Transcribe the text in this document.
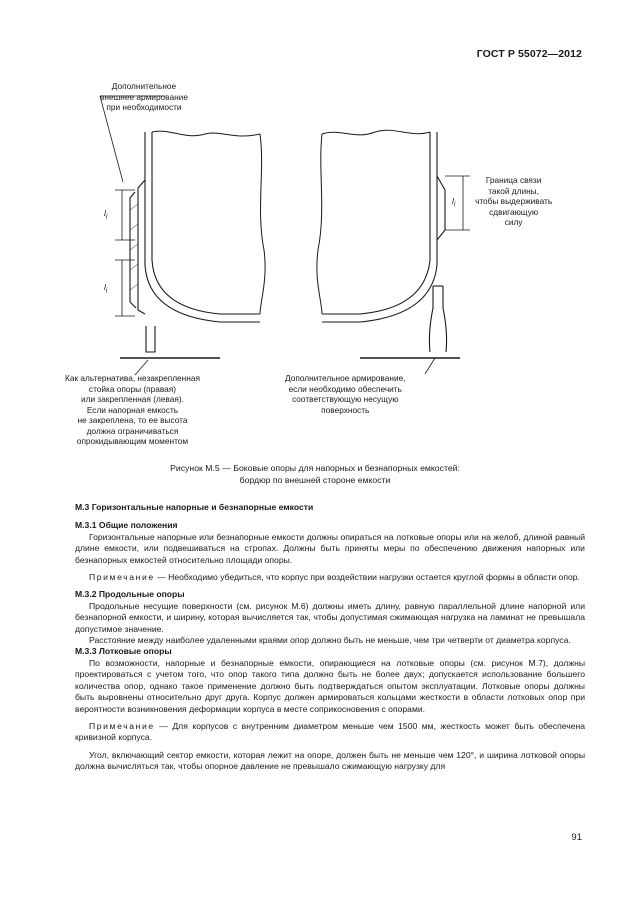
ГОСТ Р 55072—2012
Дополнительное
внешнее армирование
при необходимости
$l_i$
$l_i$
$l_i$
Граница связи
такой длины,
чтобы выдерживать
сдвигающую
силу
Как альтернатива, незакрепленная
стойка опоры (правая)
или закрепленная (левая).
Если напорная емкость
не закреплена, то ее высота
должна ограничиваться
опрокидывающим моментом
Дополнительное армирование,
если необходимо обеспечить
соответствующую несущую
поверхность
Рисунок М.5 — Боковые опоры для напорных и безнапорных емкостей:
бордюр по внешней стороне емкости

М.3 Горизонтальные напорные и безнапорные емкости

М.3.1 Общие положения

Горизонтальные напорные или безнапорные емкости должны опираться на лотковые опоры или на желоб, длиной равный длине емкости, или подвешиваться на стропах. Должны быть приняты меры по обеспечению движения напорных или безнапорных емкостей относительно площади опоры.

Примечание — Необходимо убедиться, что корпус при воздействии нагрузки остается круглой формы в области опор.

М.3.2 Продольные опоры

Продольные несущие поверхности (см. рисунок М.6) должны иметь длину, равную параллельной длине напорной или безнапорной емкости, и ширину, которая вычисляется так, чтобы допустимая сжимающая нагрузка на ламинат не превышала допустимое значение.

Расстояние между наиболее удаленными краями опор должно быть не меньше, чем три четверти от диаметра корпуса.

М.3.3 Лотковые опоры

По возможности, напорные и безнапорные емкости, опирающиеся на лотковые опоры (см. рисунок М.7), должны проектироваться с учетом того, что опор такого типа должно быть не более двух; допускается использование большего количества опор, однако такое применение должно быть подтверждаться опытом эксплуатации. Лотковые опоры должны быть выровнены относительно друг друга. Корпус должен армироваться кольцами жесткости в области лотковых опор при вероятности возникновения деформации корпуса в месте соприкосновения с опорами.

Примечание — Для корпусов с внутренним диаметром меньше чем 1500 мм, жесткость может быть обеспечена кривизной корпуса.

Угол, включающий сектор емкости, которая лежит на опоре, должен быть не меньше чем 120°, и ширина лотковой опоры должна вычисляться так, чтобы опорное давление не превышало сжимающую нагрузку для

91
